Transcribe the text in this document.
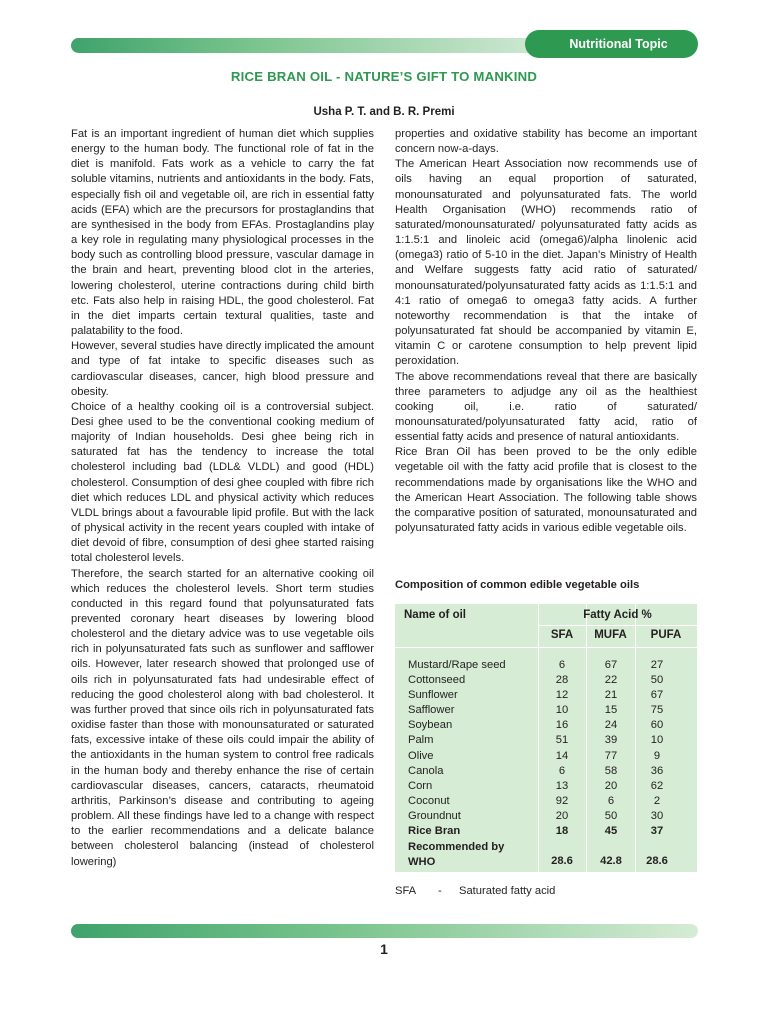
Nutritional Topic
RICE BRAN OIL - NATURE’S GIFT TO MANKIND
Usha P. T. and B. R. Premi

Fat is an important ingredient of human diet which supplies energy to the human body. The functional role of fat in the diet is manifold. Fats work as a vehicle to carry the fat soluble vitamins, nutrients and antioxidants in the body. Fats, especially fish oil and vegetable oil, are rich in essential fatty acids (EFA) which are the precursors for prostaglandins that are synthesised in the body from EFAs. Prostaglandins play a key role in regulating many physiological processes in the body such as controlling blood pressure, vascular damage in the brain and heart, preventing blood clot in the arteries, lowering cholesterol, uterine contractions during child birth etc. Fats also help in raising HDL, the good cholesterol. Fat in the diet imparts certain textural qualities, taste and palatability to the food.

However, several studies have directly implicated the amount and type of fat intake to specific diseases such as cardiovascular diseases, cancer, high blood pressure and obesity.

Choice of a healthy cooking oil is a controversial subject. Desi ghee used to be the conventional cooking medium of majority of Indian households. Desi ghee being rich in saturated fat has the tendency to increase the total cholesterol including bad (LDL& VLDL) and good (HDL) cholesterol. Consumption of desi ghee coupled with fibre rich diet which reduces LDL and physical activity which reduces VLDL brings about a favourable lipid profile. But with the lack of physical activity in the recent years coupled with intake of diet devoid of fibre, consumption of desi ghee started raising total cholesterol levels.

Therefore, the search started for an alternative cooking oil which reduces the cholesterol levels. Short term studies conducted in this regard found that polyunsaturated fats prevented coronary heart diseases by lowering blood cholesterol and the dietary advice was to use vegetable oils rich in polyunsaturated fats such as sunflower and safflower oils. However, later research showed that prolonged use of oils rich in polyunsaturated fats had undesirable effect of reducing the good cholesterol along with bad cholesterol. It was further proved that since oils rich in polyunsaturated fats oxidise faster than those with monounsaturated or saturated fats, excessive intake of these oils could impair the ability of the antioxidants in the human system to control free radicals in the human body and thereby enhance the rise of certain cardiovascular diseases, cancers, cataracts, rheumatoid arthritis, Parkinson’s disease and contributing to ageing problem. All these findings have led to a change with respect to the earlier recommendations and a delicate balance between cholesterol balancing (instead of cholesterol lowering)

properties and oxidative stability has become an important concern now-a-days.

The American Heart Association now recommends use of oils having an equal proportion of saturated, monounsaturated and polyunsaturated fats. The world Health Organisation (WHO) recommends ratio of saturated/monounsaturated/ polyunsaturated fatty acids as 1:1.5:1 and linoleic acid (omega6)/alpha linolenic acid (omega3) ratio of 5-10 in the diet. Japan’s Ministry of Health and Welfare suggests fatty acid ratio of saturated/ monounsaturated/polyunsaturated fatty acids as 1:1.5:1 and 4:1 ratio of omega6 to omega3 fatty acids. A further noteworthy recommendation is that the intake of polyunsaturated fat should be accompanied by vitamin E, vitamin C or carotene consumption to help prevent lipid peroxidation.

The above recommendations reveal that there are basically three parameters to adjudge any oil as the healthiest cooking oil, i.e. ratio of saturated/ monounsaturated/polyunsaturated fatty acid, ratio of essential fatty acids and presence of natural antioxidants.

Rice Bran Oil has been proved to be the only edible vegetable oil with the fatty acid profile that is closest to the recommendations made by organisations like the WHO and the American Heart Association. The following table shows the comparative position of saturated, monounsaturated and polyunsaturated fatty acids in various edible vegetable oils.

Composition of common edible vegetable oils
Name of oil	Fatty Acid %
SFA	MUFA	PUFA
Mustard/Rape seed	6	67	27
Cottonseed	28	22	50
Sunflower	12	21	67
Safflower	10	15	75
Soybean	16	24	60
Palm	51	39	10
Olive	14	77	9
Canola	6	58	36
Corn	13	20	62
Coconut	92	6	2
Groundnut	20	50	30
Rice Bran	18	45	37
Recommended by WHO	28.6	42.8	28.6
SFA - Saturated fatty acid
1
